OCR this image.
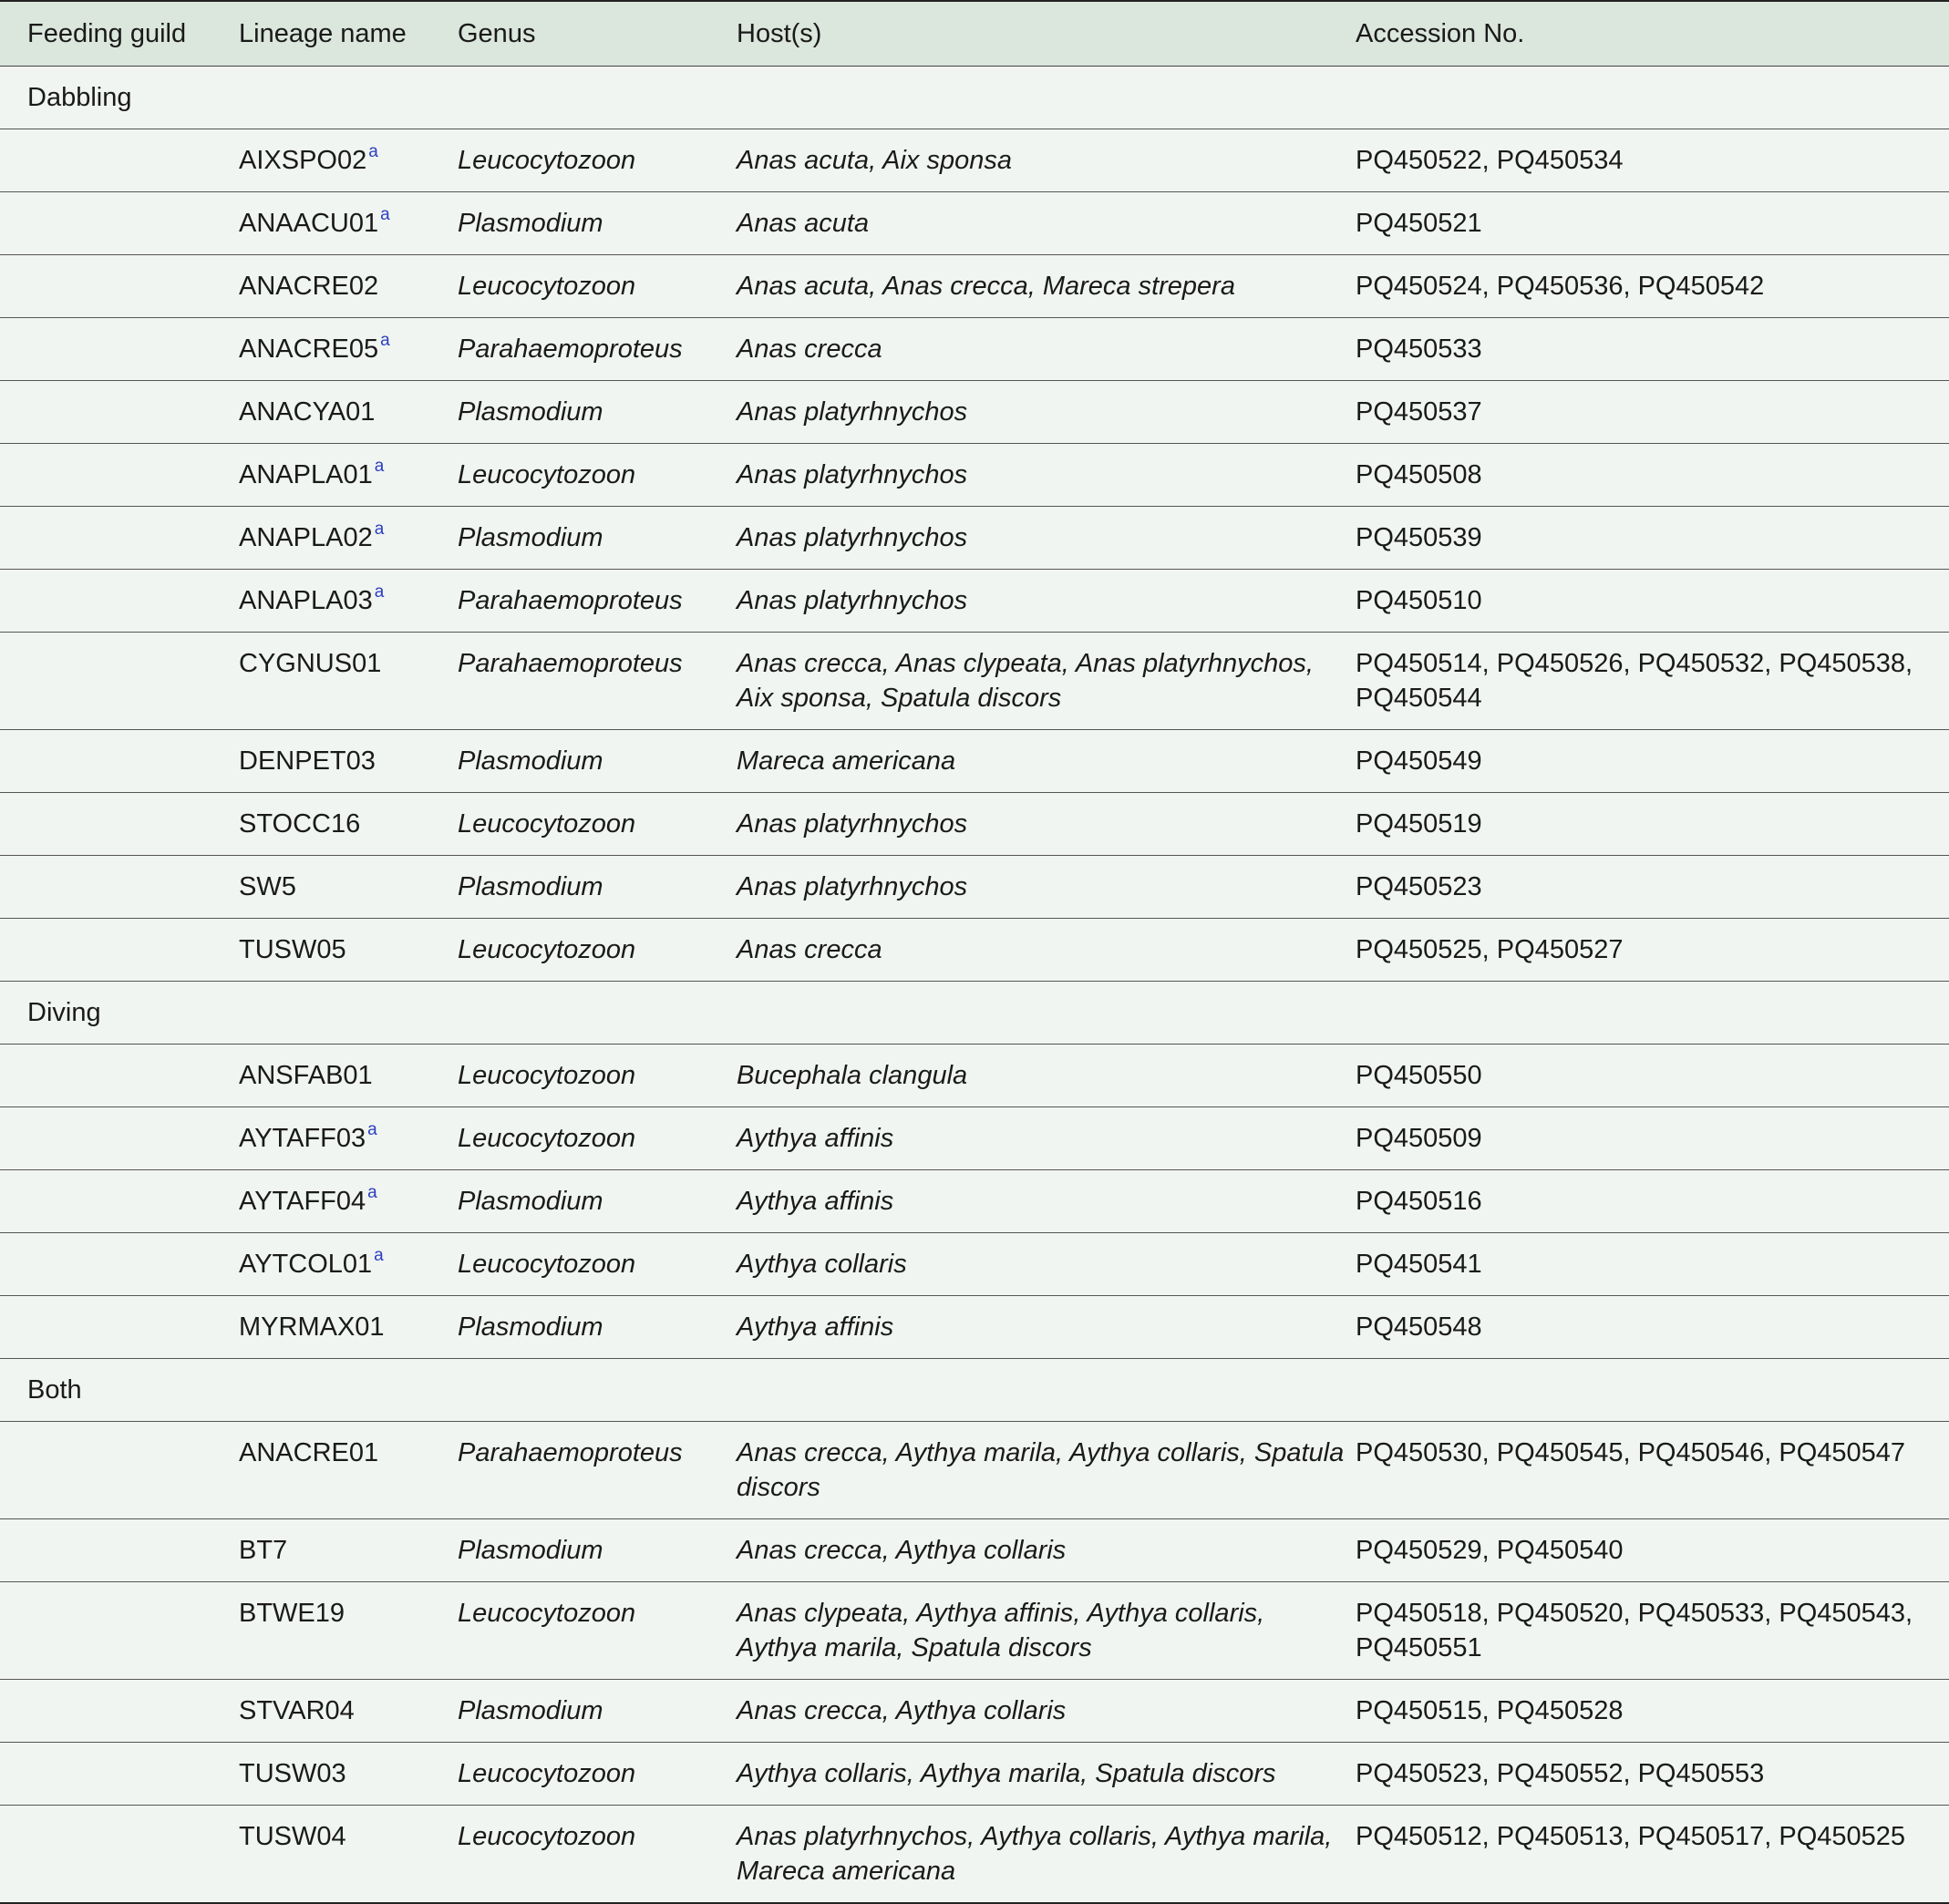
Feeding guild	Lineage name	Genus	Host(s)	Accession No.
Dabbling				
	AIXSPO02 $^a$	Leucocytozoon	Anas acuta, Aix sponsa	PQ450522, PQ450534
	ANAACU01 $^a$	Plasmodium	Anas acuta	PQ450521
	ANACRE02	Leucocytozoon	Anas acuta, Anas crecca, Mareca strepera	PQ450524, PQ450536, PQ450542
	ANACRE05 $^a$	Parahaemoproteus	Anas crecca	PQ450533
	ANACYA01	Plasmodium	Anas platyrhnychos	PQ450537
	ANAPLA01 $^a$	Leucocytozoon	Anas platyrhnychos	PQ450508
	ANAPLA02 $^a$	Plasmodium	Anas platyrhnychos	PQ450539
	ANAPLA03 $^a$	Parahaemoproteus	Anas platyrhnychos	PQ450510
	CYGNUS01	Parahaemoproteus	Anas crecca, Anas clypeata, Anas platyrhnychos, Aix sponsa, Spatula discors	PQ450514, PQ450526, PQ450532, PQ450538, PQ450544
	DENPET03	Plasmodium	Mareca americana	PQ450549
	STOCC16	Leucocytozoon	Anas platyrhnychos	PQ450519
	SW5	Plasmodium	Anas platyrhnychos	PQ450523
	TUSW05	Leucocytozoon	Anas crecca	PQ450525, PQ450527
Diving				
	ANSFAB01	Leucocytozoon	Bucephala clangula	PQ450550
	AYTAFF03 $^a$	Leucocytozoon	Aythya affinis	PQ450509
	AYTAFF04 $^a$	Plasmodium	Aythya affinis	PQ450516
	AYTCOL01 $^a$	Leucocytozoon	Aythya collaris	PQ450541
	MYRMAX01	Plasmodium	Aythya affinis	PQ450548
Both				
	ANACRE01	Parahaemoproteus	Anas crecca, Aythya marila, Aythya collaris, Spatula discors	PQ450530, PQ450545, PQ450546, PQ450547
	BT7	Plasmodium	Anas crecca, Aythya collaris	PQ450529, PQ450540
	BTWE19	Leucocytozoon	Anas clypeata, Aythya affinis, Aythya collaris, Aythya marila, Spatula discors	PQ450518, PQ450520, PQ450533, PQ450543, PQ450551
	STVAR04	Plasmodium	Anas crecca, Aythya collaris	PQ450515, PQ450528
	TUSW03	Leucocytozoon	Aythya collaris, Aythya marila, Spatula discors	PQ450523, PQ450552, PQ450553
	TUSW04	Leucocytozoon	Anas platyrhnychos, Aythya collaris, Aythya marila, Mareca americana	PQ450512, PQ450513, PQ450517, PQ450525
